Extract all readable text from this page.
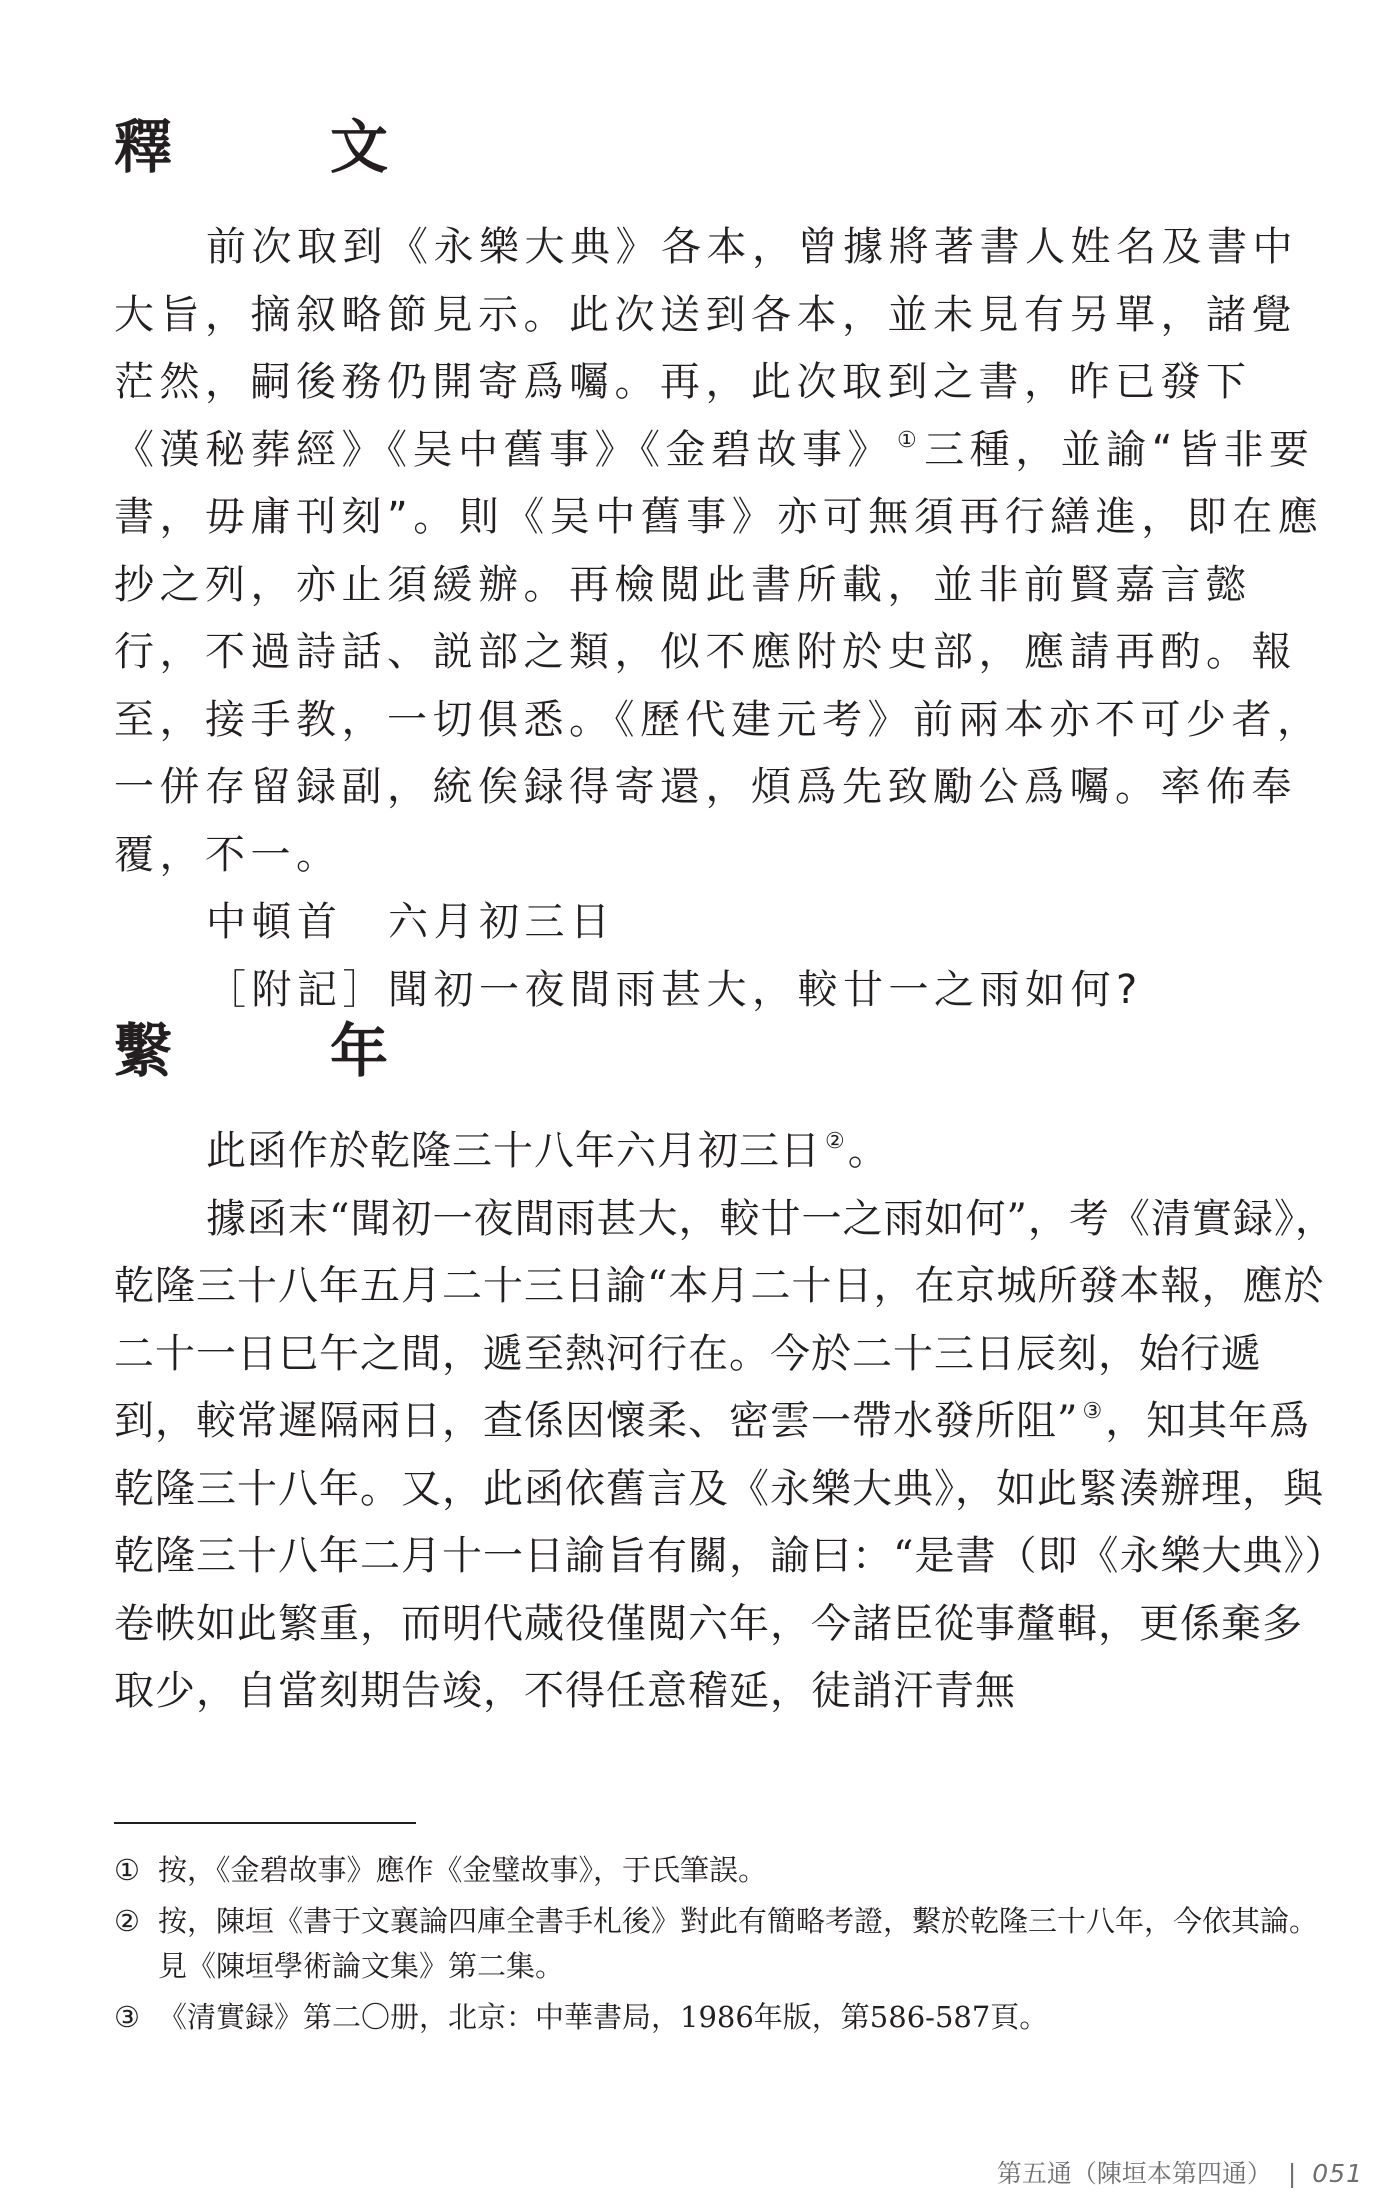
釋　文

前次取到《永樂大典》各本，曾據將著書人姓名及書中大旨，摘叙略節見示。此次送到各本，並未見有另單，諸覺茫然，嗣後務仍開寄爲囑。再，此次取到之書，昨已發下《漢秘葬經》《吴中舊事》《金碧故事》 ①三種，並諭“皆非要書，毋庸刊刻”。則《吴中舊事》亦可無須再行繕進，即在應抄之列，亦止須緩辦。再檢閲此書所載，並非前賢嘉言懿行，不過詩話、説部之類，似不應附於史部，應請再酌。報至，接手教，一切俱悉。《歷代建元考》前兩本亦不可少者，一併存留録副，統俟録得寄還，煩爲先致勵公爲囑。率佈奉覆，不一。

中頓首　六月初三日

［附記］聞初一夜間雨甚大，較廿一之雨如何?

繫　年

此函作於乾隆三十八年六月初三日 ②。

據函末“聞初一夜間雨甚大，較廿一之雨如何”，考《清實録》，乾隆三十八年五月二十三日諭“本月二十日，在京城所發本報，應於二十一日巳午之間，遞至熱河行在。今於二十三日辰刻，始行遞到，較常遲隔兩日，查係因懷柔、密雲一帶水發所阻” ③，知其年爲乾隆三十八年。又，此函依舊言及《永樂大典》，如此緊湊辦理，與乾隆三十八年二月十一日諭旨有關，諭曰：“是書（即《永樂大典》）卷帙如此繁重，而明代蒇役僅閲六年，今諸臣從事釐輯，更係棄多取少，自當刻期告竣，不得任意稽延，徒誚汗青無

① 按，《金碧故事》應作《金璧故事》，于氏筆誤。

② 按，陳垣《書于文襄論四庫全書手札後》對此有簡略考證，繫於乾隆三十八年，今依其論。見《陳垣學術論文集》第二集。

③ 《清實録》第二〇册，北京：中華書局，1986年版，第586-587頁。

第五通（陳垣本第四通） | 051
